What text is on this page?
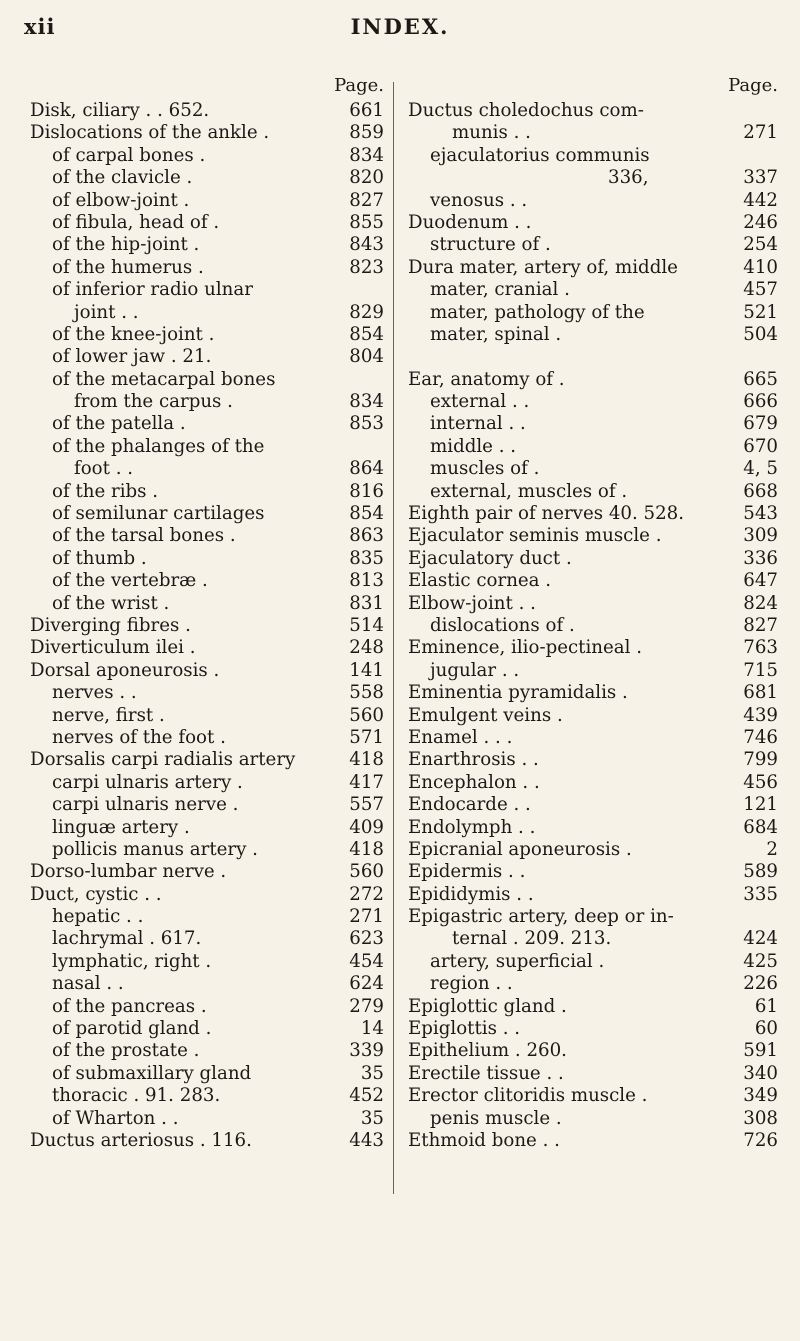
xii	INDEX.
Page.
Disk, ciliary . . 652.	661
Dislocations of the ankle .	859
of carpal bones .	834
of the clavicle .	820
of elbow-joint .	827
of fibula, head of .	855
of the hip-joint .	843
of the humerus .	823
of inferior radio ulnar
joint . .	829
of the knee-joint .	854
of lower jaw . 21.	804
of the metacarpal bones
from the carpus .	834
of the patella .	853
of the phalanges of the
foot . .	864
of the ribs .	816
of semilunar cartilages	854
of the tarsal bones .	863
of thumb .	835
of the vertebræ .	813
of the wrist .	831
Diverging fibres .	514
Diverticulum ilei .	248
Dorsal aponeurosis .	141
nerves . .	558
nerve, first .	560
nerves of the foot .	571
Dorsalis carpi radialis artery	418
carpi ulnaris artery .	417
carpi ulnaris nerve .	557
linguæ artery .	409
pollicis manus artery .	418
Dorso-lumbar nerve .	560
Duct, cystic . .	272
hepatic . .	271
lachrymal . 617.	623
lymphatic, right .	454
nasal . .	624
of the pancreas .	279
of parotid gland .	14
of the prostate .	339
of submaxillary gland	35
thoracic . 91. 283.	452
of Wharton . .	35
Ductus arteriosus . 116.	443
Page.
Ductus choledochus com-
munis . .	271
ejaculatorius communis
336,	337
venosus . .	442
Duodenum . .	246
structure of .	254
Dura mater, artery of, middle	410
mater, cranial .	457
mater, pathology of the	521
mater, spinal .	504
Ear, anatomy of .	665
external . .	666
internal . .	679
middle . .	670
muscles of .	4, 5
external, muscles of .	668
Eighth pair of nerves 40. 528.	543
Ejaculator seminis muscle .	309
Ejaculatory duct .	336
Elastic cornea .	647
Elbow-joint . .	824
dislocations of .	827
Eminence, ilio-pectineal .	763
jugular . .	715
Eminentia pyramidalis .	681
Emulgent veins .	439
Enamel . . .	746
Enarthrosis . .	799
Encephalon . .	456
Endocarde . .	121
Endolymph . .	684
Epicranial aponeurosis .	2
Epidermis . .	589
Epididymis . .	335
Epigastric artery, deep or in-
ternal . 209. 213.	424
artery, superficial .	425
region . .	226
Epiglottic gland .	61
Epiglottis . .	60
Epithelium . 260.	591
Erectile tissue . .	340
Erector clitoridis muscle .	349
penis muscle .	308
Ethmoid bone . .	726
